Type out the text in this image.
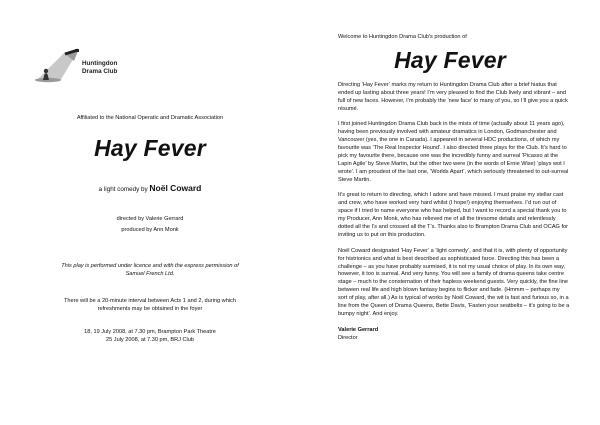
Huntingdon
Drama Club
Affiliated to the National Operatic and Dramatic Association
Hay Fever
a light comedy by Noël Coward
directed by Valerie Gerrard
produced by Ann Monk
This play is performed under licence and with the express permission of
Samuel French Ltd.
There will be a 20-minute interval between Acts 1 and 2, during which
refreshments may be obtained in the foyer
18, 19 July 2008, at 7.30 pm, Brampton Park Theatre
25 July 2008, at 7.30 pm, BRJ Club
Welcome to Huntingdon Drama Club's production of
Hay Fever

Directing ‘Hay Fever’ marks my return to Huntingdon Drama Club after a brief hiatus that ended up lasting about three years! I’m very pleased to find the Club lively and vibrant – and full of new faces. However, I’m probably the ‘new face’ to many of you, so I’ll give you a quick résumé.

I first joined Huntingdon Drama Club back in the mists of time (actually about 11 years ago), having been previously involved with amateur dramatics in London, Godmanchester and Vancouver (yes, the one in Canada). I appeared in several HDC productions, of which my favourite was ‘The Real Inspector Hound’. I also directed three plays for the Club. It’s hard to pick my favourite there, because one was the incredibly funny and surreal ‘Picasso at the Lapin Agile’ by Steve Martin, but the other two were (in the words of Ernie Wise) ‘plays wot I wrote’. I am proudest of the last one, ‘Worlds Apart’, which seriously threatened to out-surreal Steve Martin.

It’s great to return to directing, which I adore and have missed. I must praise my stellar cast and crew, who have worked very hard whilst (I hope!) enjoying themselves. I’d run out of space if I tried to name everyone who has helped, but I want to record a special thank you to my Producer, Ann Monk, who has relieved me of all the tiresome details and relentlessly dotted all the I’s and crossed all the T’s. Thanks also to Brampton Drama Club and OCAG for inviting us to put on this production.

Noël Coward designated ‘Hay Fever’ a ‘light comedy’, and that it is, with plenty of opportunity for histrionics and what is best described as sophisticated farce. Directing this has been a challenge – as you have probably surmised, it is not my usual choice of play. In its own way, however, it too is surreal. And very funny. You will see a family of drama queens take centre stage – much to the consternation of their hapless weekend guests. Very quickly, the fine line between real life and high blown fantasy begins to flicker and fade. (Hmmm – perhaps my sort of play, after all.) As is typical of works by Noël Coward, the wit is fast and furious so, in a line from the Queen of Drama Queens, Bette Davis, ‘Fasten your seatbelts – it’s going to be a bumpy night’. And enjoy.

Valerie Gerrard
Director
